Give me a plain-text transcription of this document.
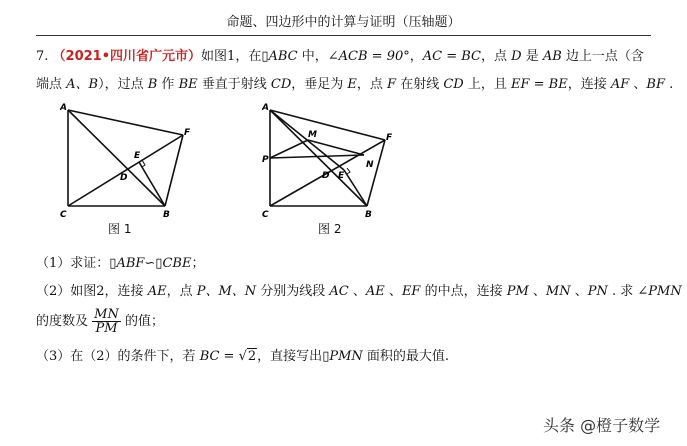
命题、四边形中的计算与证明（压轴题）
7. （2021•四川省广元市）如图1，在▯ABC 中，∠ACB = 90°，AC = BC，点 D 是 AB 边上一点（含
端点 A、B），过点 B 作 BE 垂直于射线 CD，垂足为 E，点 F 在射线 CD 上，且 EF = BE，连接 AF 、BF .
A
C	B
D
E
F
图 1
A
C	B
D E
F
M
N
P
图 2
（1）求证：▯ABF∽▯CBE；
（2）如图2，连接 AE，点 P、M、N 分别为线段 AC 、AE 、EF 的中点，连接 PM 、MN 、PN . 求 ∠PMN
的度数及 $\frac{MN}{PM}$ 的值；
（3）在（2）的条件下，若 BC = √2，直接写出▯PMN 面积的最大值.
头条 @橙子数学
